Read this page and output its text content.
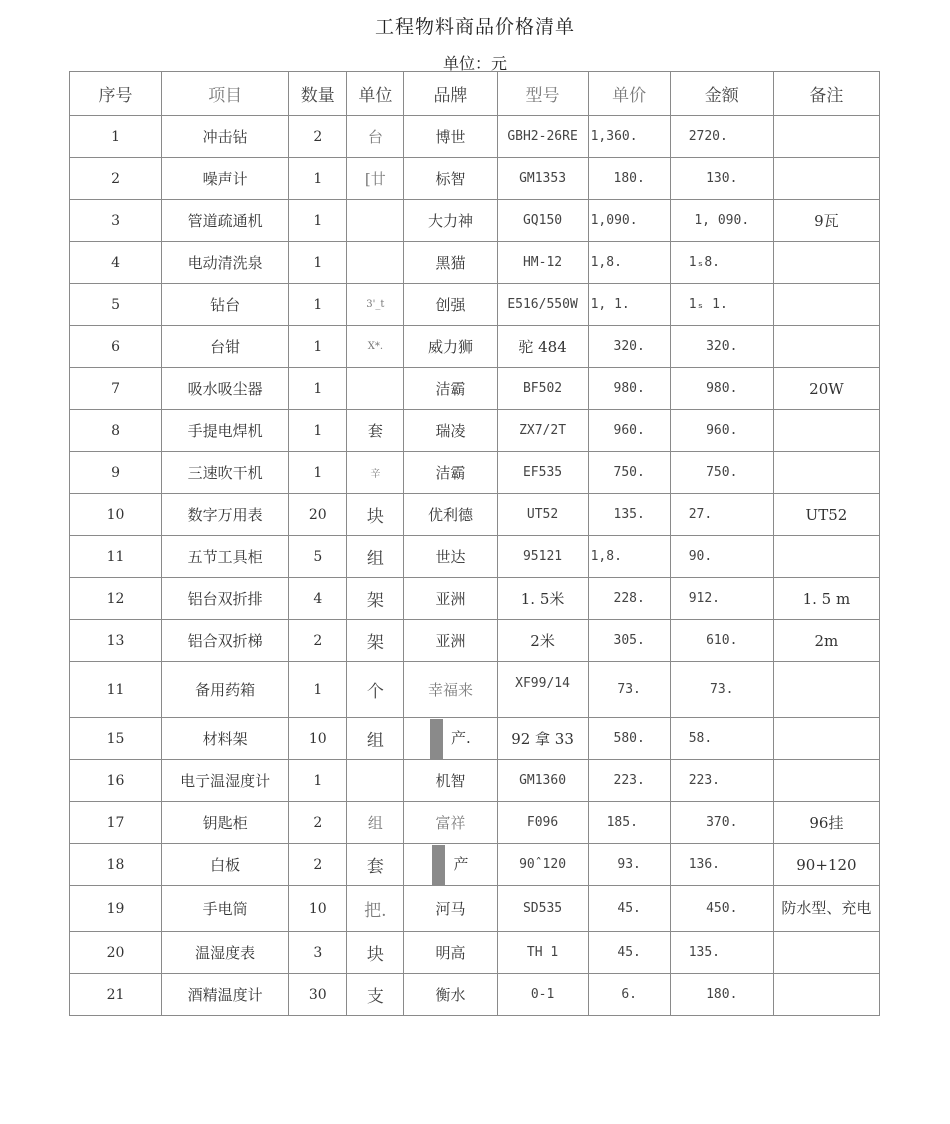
工程物料商品价格清单
单位：元
序号	项目	数量	单位	品牌	型号	单价	金额	备注
1	冲击钻	2	台	博世	GBH2-26RE	1,360.	2720.	
2	噪声计	1	[廿	标智	GM1353	180.	130.	
3	管道疏通机	1		大力神	GQ150	1,090.	1, 090.	9瓦
4	电动清洗泉	1		黑猫	HM-12	1,8.	1ₛ8.	
5	钻台	1	3'_t	创强	E516/550W	1, 1.	1ₛ 1.	
6	台钳	1	X*.	威力狮	驼 484	320.	320.	
7	吸水吸尘器	1		洁霸	BF502	980.	980.	20W
8	手提电焊机	1	套	瑞凌	ZX7/2T	960.	960.	
9	三速吹干机	1	辛	洁霸	EF535	750.	750.	
10	数字万用表	20	块	优利德	UT52	135.	27.	UT52
11	五节工具柜	5	组	世达	95121	1,8.	90.	
12	铝台双折排	4	架	亚洲	1. 5米	228.	912.	1. 5 m
13	铝合双折梯	2	架	亚洲	2米	305.	610.	2m
11	备用药箱	1	个	幸福来	XF99/14	73.	73.	
15	材料架	10	组	产.	92 拿 33	580.	58.	
16	电亍温湿度计	1		机智	GM1360	223.	223.	
17	钥匙柜	2	组	富祥	F096	185.	370.	96挂
18	白板	2	套	产	90ˆ120	93.	136.	90+120
19	手电筒	10	把.	河马	SD535	45.	450.	防水型、充电
20	温湿度表	3	块	明高	TH 1	45.	135.	
21	酒精温度计	30	支	衡水	0-1	6.	180.	
